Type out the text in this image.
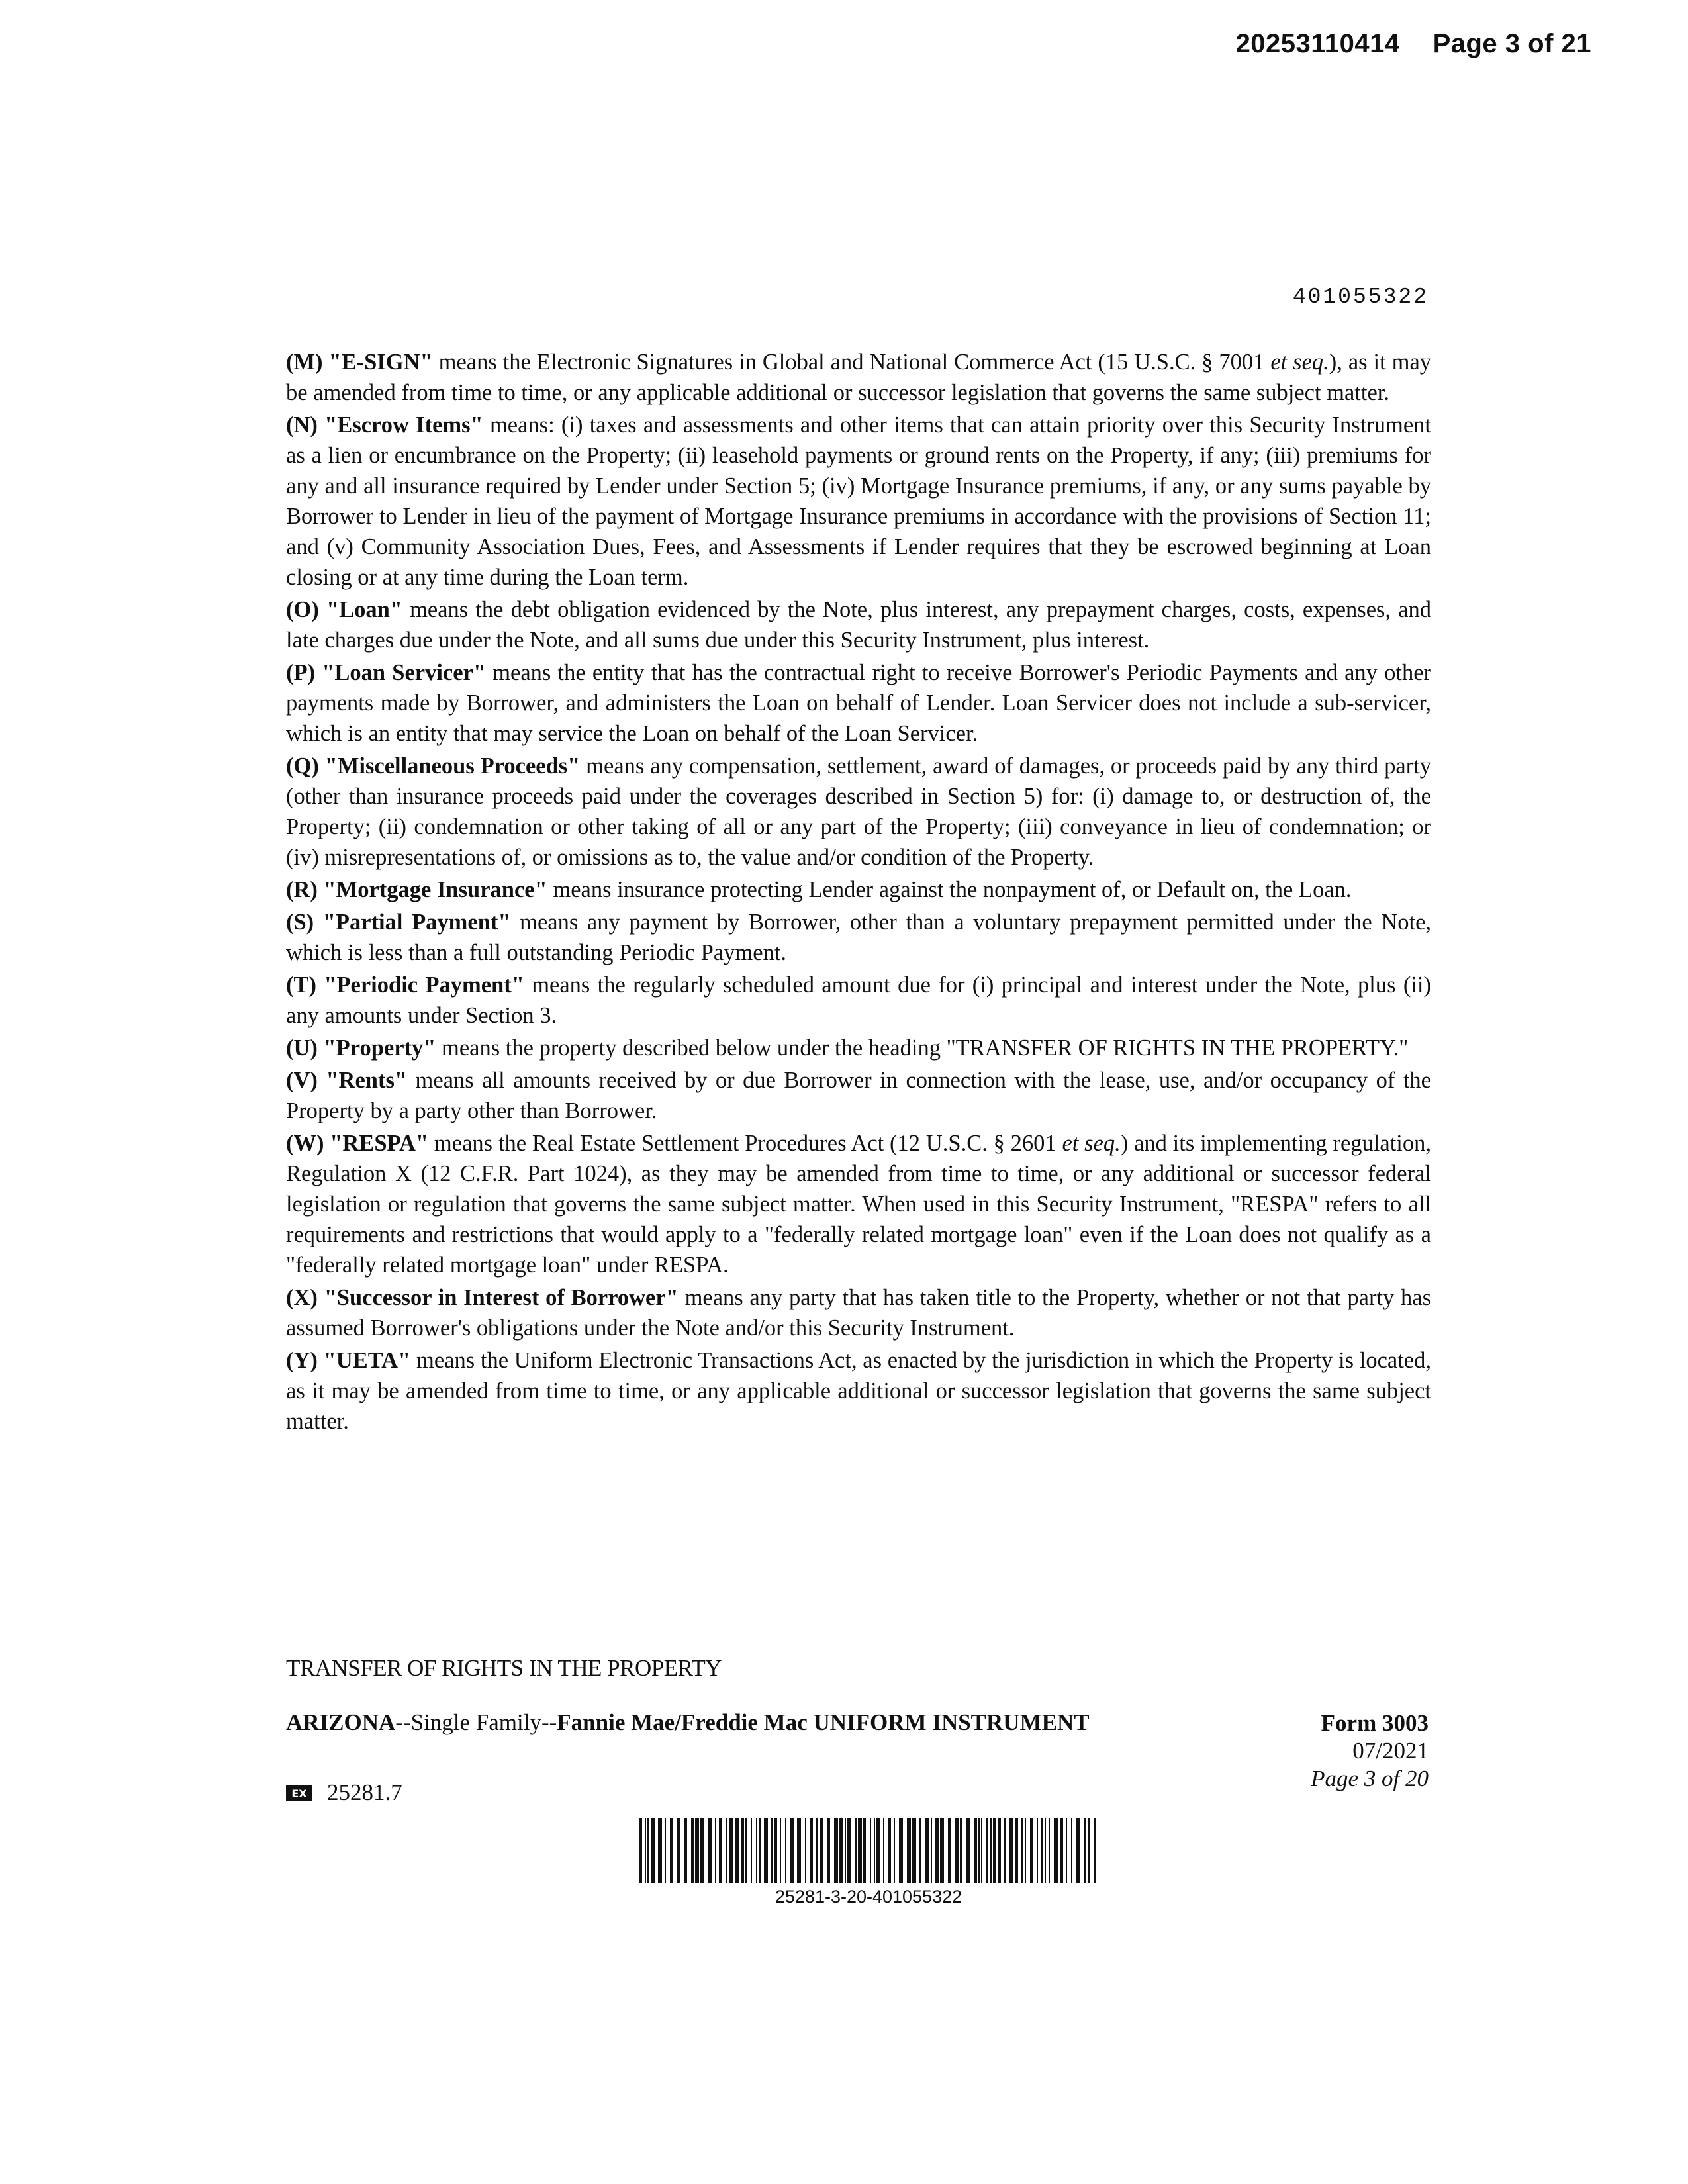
20253110414 Page 3 of 21
401055322

(M) "E-SIGN" means the Electronic Signatures in Global and National Commerce Act (15 U.S.C. § 7001 et seq.), as it may be amended from time to time, or any applicable additional or successor legislation that governs the same subject matter.

(N) "Escrow Items" means: (i) taxes and assessments and other items that can attain priority over this Security Instrument as a lien or encumbrance on the Property; (ii) leasehold payments or ground rents on the Property, if any; (iii) premiums for any and all insurance required by Lender under Section 5; (iv) Mortgage Insurance premiums, if any, or any sums payable by Borrower to Lender in lieu of the payment of Mortgage Insurance premiums in accordance with the provisions of Section 11; and (v) Community Association Dues, Fees, and Assessments if Lender requires that they be escrowed beginning at Loan closing or at any time during the Loan term.

(O) "Loan" means the debt obligation evidenced by the Note, plus interest, any prepayment charges, costs, expenses, and late charges due under the Note, and all sums due under this Security Instrument, plus interest.

(P) "Loan Servicer" means the entity that has the contractual right to receive Borrower's Periodic Payments and any other payments made by Borrower, and administers the Loan on behalf of Lender. Loan Servicer does not include a sub-servicer, which is an entity that may service the Loan on behalf of the Loan Servicer.

(Q) "Miscellaneous Proceeds" means any compensation, settlement, award of damages, or proceeds paid by any third party (other than insurance proceeds paid under the coverages described in Section 5) for: (i) damage to, or destruction of, the Property; (ii) condemnation or other taking of all or any part of the Property; (iii) conveyance in lieu of condemnation; or (iv) misrepresentations of, or omissions as to, the value and/or condition of the Property.

(R) "Mortgage Insurance" means insurance protecting Lender against the nonpayment of, or Default on, the Loan.

(S) "Partial Payment" means any payment by Borrower, other than a voluntary prepayment permitted under the Note, which is less than a full outstanding Periodic Payment.

(T) "Periodic Payment" means the regularly scheduled amount due for (i) principal and interest under the Note, plus (ii) any amounts under Section 3.

(U) "Property" means the property described below under the heading "TRANSFER OF RIGHTS IN THE PROPERTY."

(V) "Rents" means all amounts received by or due Borrower in connection with the lease, use, and/or occupancy of the Property by a party other than Borrower.

(W) "RESPA" means the Real Estate Settlement Procedures Act (12 U.S.C. § 2601 et seq.) and its implementing regulation, Regulation X (12 C.F.R. Part 1024), as they may be amended from time to time, or any additional or successor federal legislation or regulation that governs the same subject matter. When used in this Security Instrument, "RESPA" refers to all requirements and restrictions that would apply to a "federally related mortgage loan" even if the Loan does not qualify as a "federally related mortgage loan" under RESPA.

(X) "Successor in Interest of Borrower" means any party that has taken title to the Property, whether or not that party has assumed Borrower's obligations under the Note and/or this Security Instrument.

(Y) "UETA" means the Uniform Electronic Transactions Act, as enacted by the jurisdiction in which the Property is located, as it may be amended from time to time, or any applicable additional or successor legislation that governs the same subject matter.

TRANSFER OF RIGHTS IN THE PROPERTY
ARIZONA--Single Family--Fannie Mae/Freddie Mac UNIFORM INSTRUMENT	Form 3003
07/2021
Page 3 of 20
EX 25281.7
25281-3-20-401055322
